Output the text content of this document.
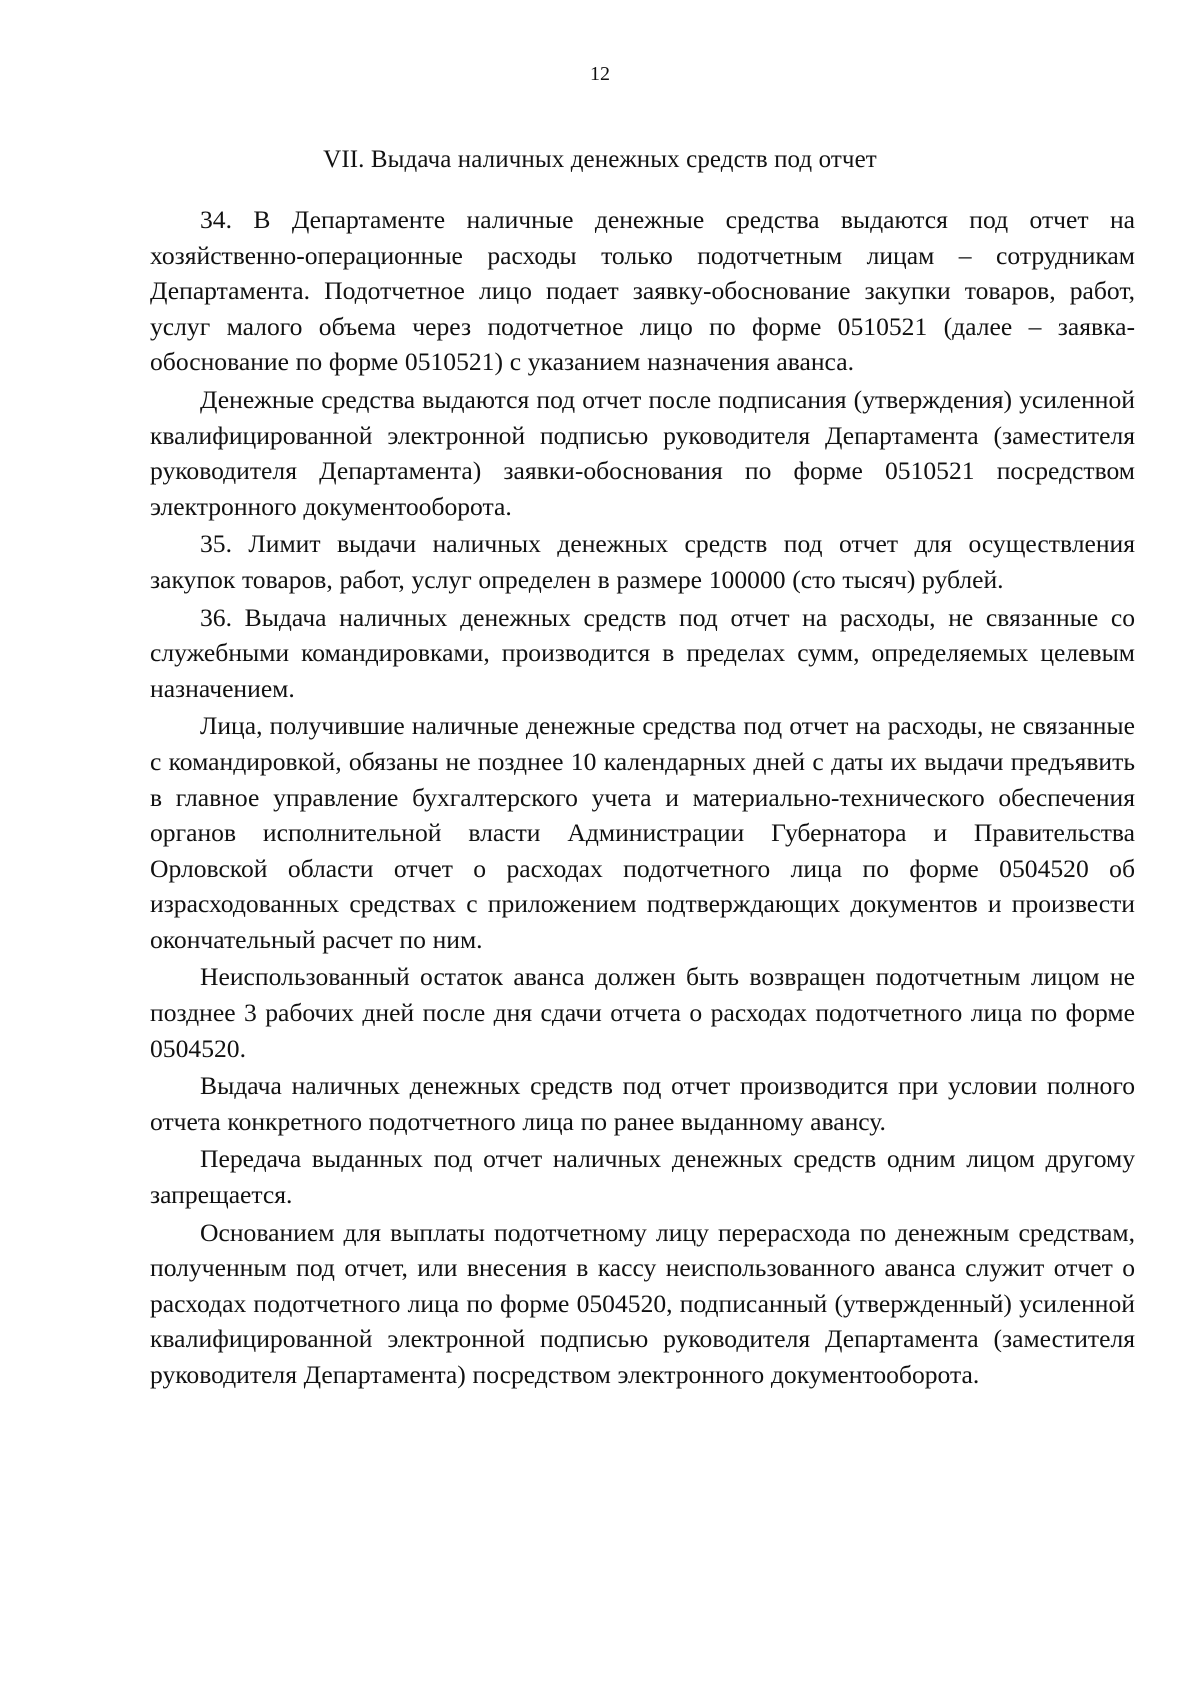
12
VII. Выдача наличных денежных средств под отчет

34. В Департаменте наличные денежные средства выдаются под отчет на хозяйственно-операционные расходы только подотчетным лицам – сотрудникам Департамента. Подотчетное лицо подает заявку-обоснование закупки товаров, работ, услуг малого объема через подотчетное лицо по форме 0510521 (далее – заявка-обоснование по форме 0510521) с указанием назначения аванса.

Денежные средства выдаются под отчет после подписания (утверждения) усиленной квалифицированной электронной подписью руководителя Департамента (заместителя руководителя Департамента) заявки-обоснования по форме 0510521 посредством электронного документооборота.

35. Лимит выдачи наличных денежных средств под отчет для осуществления закупок товаров, работ, услуг определен в размере 100000 (сто тысяч) рублей.

36. Выдача наличных денежных средств под отчет на расходы, не связанные со служебными командировками, производится в пределах сумм, определяемых целевым назначением.

Лица, получившие наличные денежные средства под отчет на расходы, не связанные с командировкой, обязаны не позднее 10 календарных дней с даты их выдачи предъявить в главное управление бухгалтерского учета и материально-технического обеспечения органов исполнительной власти Администрации Губернатора и Правительства Орловской области отчет о расходах подотчетного лица по форме 0504520 об израсходованных средствах с приложением подтверждающих документов и произвести окончательный расчет по ним.

Неиспользованный остаток аванса должен быть возвращен подотчетным лицом не позднее 3 рабочих дней после дня сдачи отчета о расходах подотчетного лица по форме 0504520.

Выдача наличных денежных средств под отчет производится при условии полного отчета конкретного подотчетного лица по ранее выданному авансу.

Передача выданных под отчет наличных денежных средств одним лицом другому запрещается.

Основанием для выплаты подотчетному лицу перерасхода по денежным средствам, полученным под отчет, или внесения в кассу неиспользованного аванса служит отчет о расходах подотчетного лица по форме 0504520, подписанный (утвержденный) усиленной квалифицированной электронной подписью руководителя Департамента (заместителя руководителя Департамента) посредством электронного документооборота.
